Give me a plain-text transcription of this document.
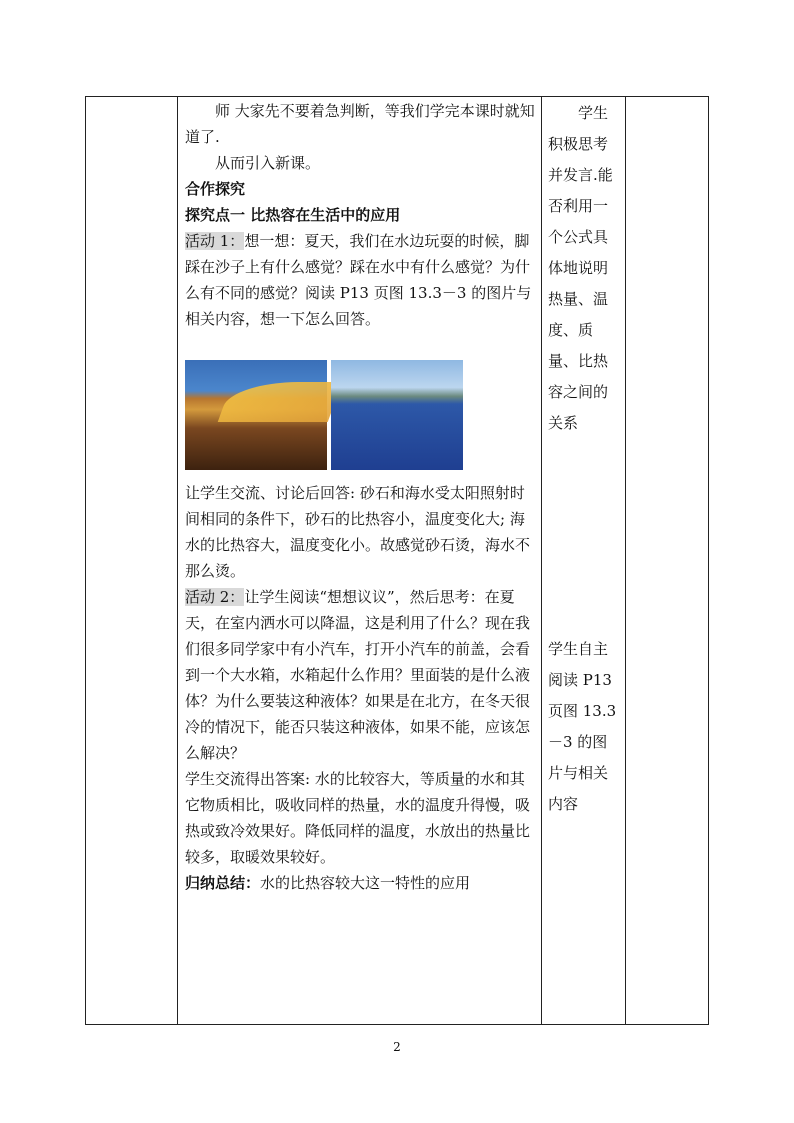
师 大家先不要着急判断，等我们学完本课时就知道了.

从而引入新课。

合作探究

探究点一 比热容在生活中的应用

活动 1：想一想：夏天，我们在水边玩耍的时候，脚踩在沙子上有什么感觉？踩在水中有什么感觉？为什么有不同的感觉？阅读 P13 页图 13.3－3 的图片与相关内容，想一下怎么回答。

让学生交流、讨论后回答: 砂石和海水受太阳照射时间相同的条件下，砂石的比热容小，温度变化大; 海水的比热容大，温度变化小。故感觉砂石烫，海水不那么烫。

活动 2：让学生阅读“想想议议”，然后思考：在夏天，在室内洒水可以降温，这是利用了什么？现在我们很多同学家中有小汽车，打开小汽车的前盖，会看到一个大水箱，水箱起什么作用？里面装的是什么液体？为什么要装这种液体？如果是在北方，在冬天很冷的情况下，能否只装这种液体，如果不能，应该怎么解决？

学生交流得出答案: 水的比较容大，等质量的水和其它物质相比，吸收同样的热量，水的温度升得慢，吸热或致冷效果好。降低同样的温度，水放出的热量比较多，取暖效果较好。

归纳总结：水的比热容较大这一特性的应用

学生积极思考并发言.能否利用一个公式具体地说明热量、温度、质量、比热容之间的关系

学生自主阅读 P13 页图 13.3－3 的图片与相关内容

2
